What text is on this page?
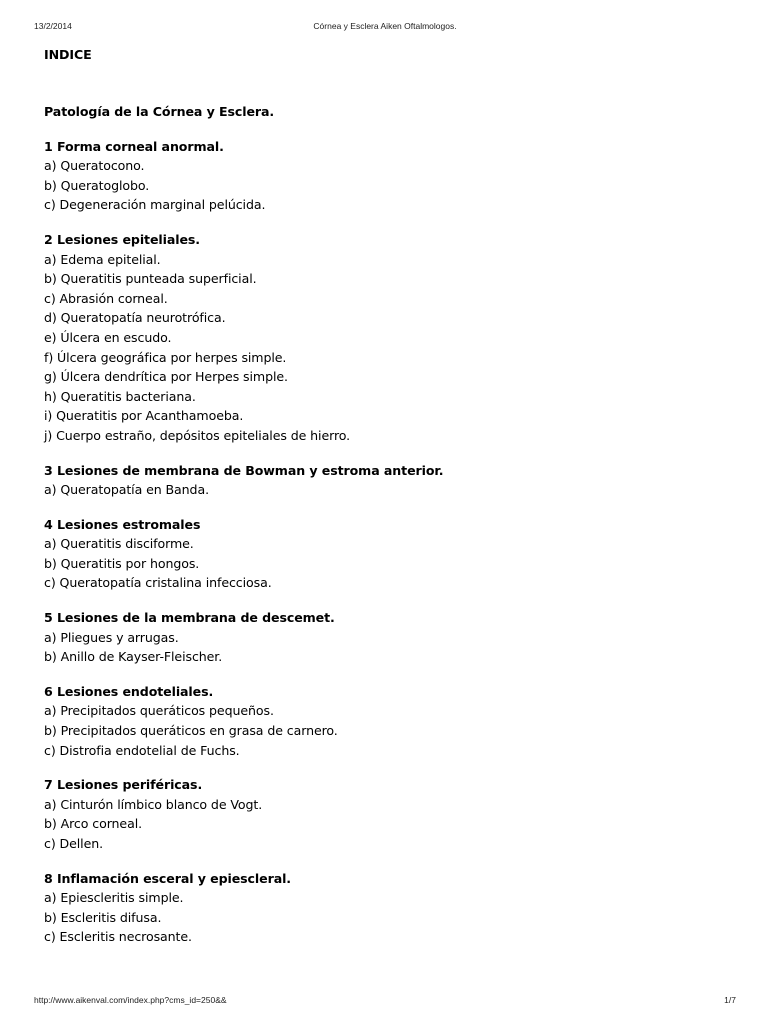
13/2/2014	Córnea y Esclera Aiken Oftalmologos.
INDICE
Patología de la Córnea y Esclera.
1 Forma corneal anormal.
a) Queratocono.
b) Queratoglobo.
c) Degeneración marginal pelúcida.
2 Lesiones epiteliales.
a) Edema epitelial.
b) Queratitis punteada superficial.
c) Abrasión corneal.
d) Queratopatía neurotrófica.
e) Úlcera en escudo.
f) Úlcera geográfica por herpes simple.
g) Úlcera dendrítica por Herpes simple.
h) Queratitis bacteriana.
i) Queratitis por Acanthamoeba.
j) Cuerpo estraño, depósitos epiteliales de hierro.
3 Lesiones de membrana de Bowman y estroma anterior.
a) Queratopatía en Banda.
4 Lesiones estromales
a) Queratitis disciforme.
b) Queratitis por hongos.
c) Queratopatía cristalina infecciosa.
5 Lesiones de la membrana de descemet.
a) Pliegues y arrugas.
b) Anillo de Kayser-Fleischer.
6 Lesiones endoteliales.
a) Precipitados queráticos pequeños.
b) Precipitados queráticos en grasa de carnero.
c) Distrofia endotelial de Fuchs.
7 Lesiones periféricas.
a) Cinturón límbico blanco de Vogt.
b) Arco corneal.
c) Dellen.
8 Inflamación esceral y epiescleral.
a) Epiescleritis simple.
b) Escleritis difusa.
c) Escleritis necrosante.
http://www.aikenval.com/index.php?cms_id=250&&	1/7
